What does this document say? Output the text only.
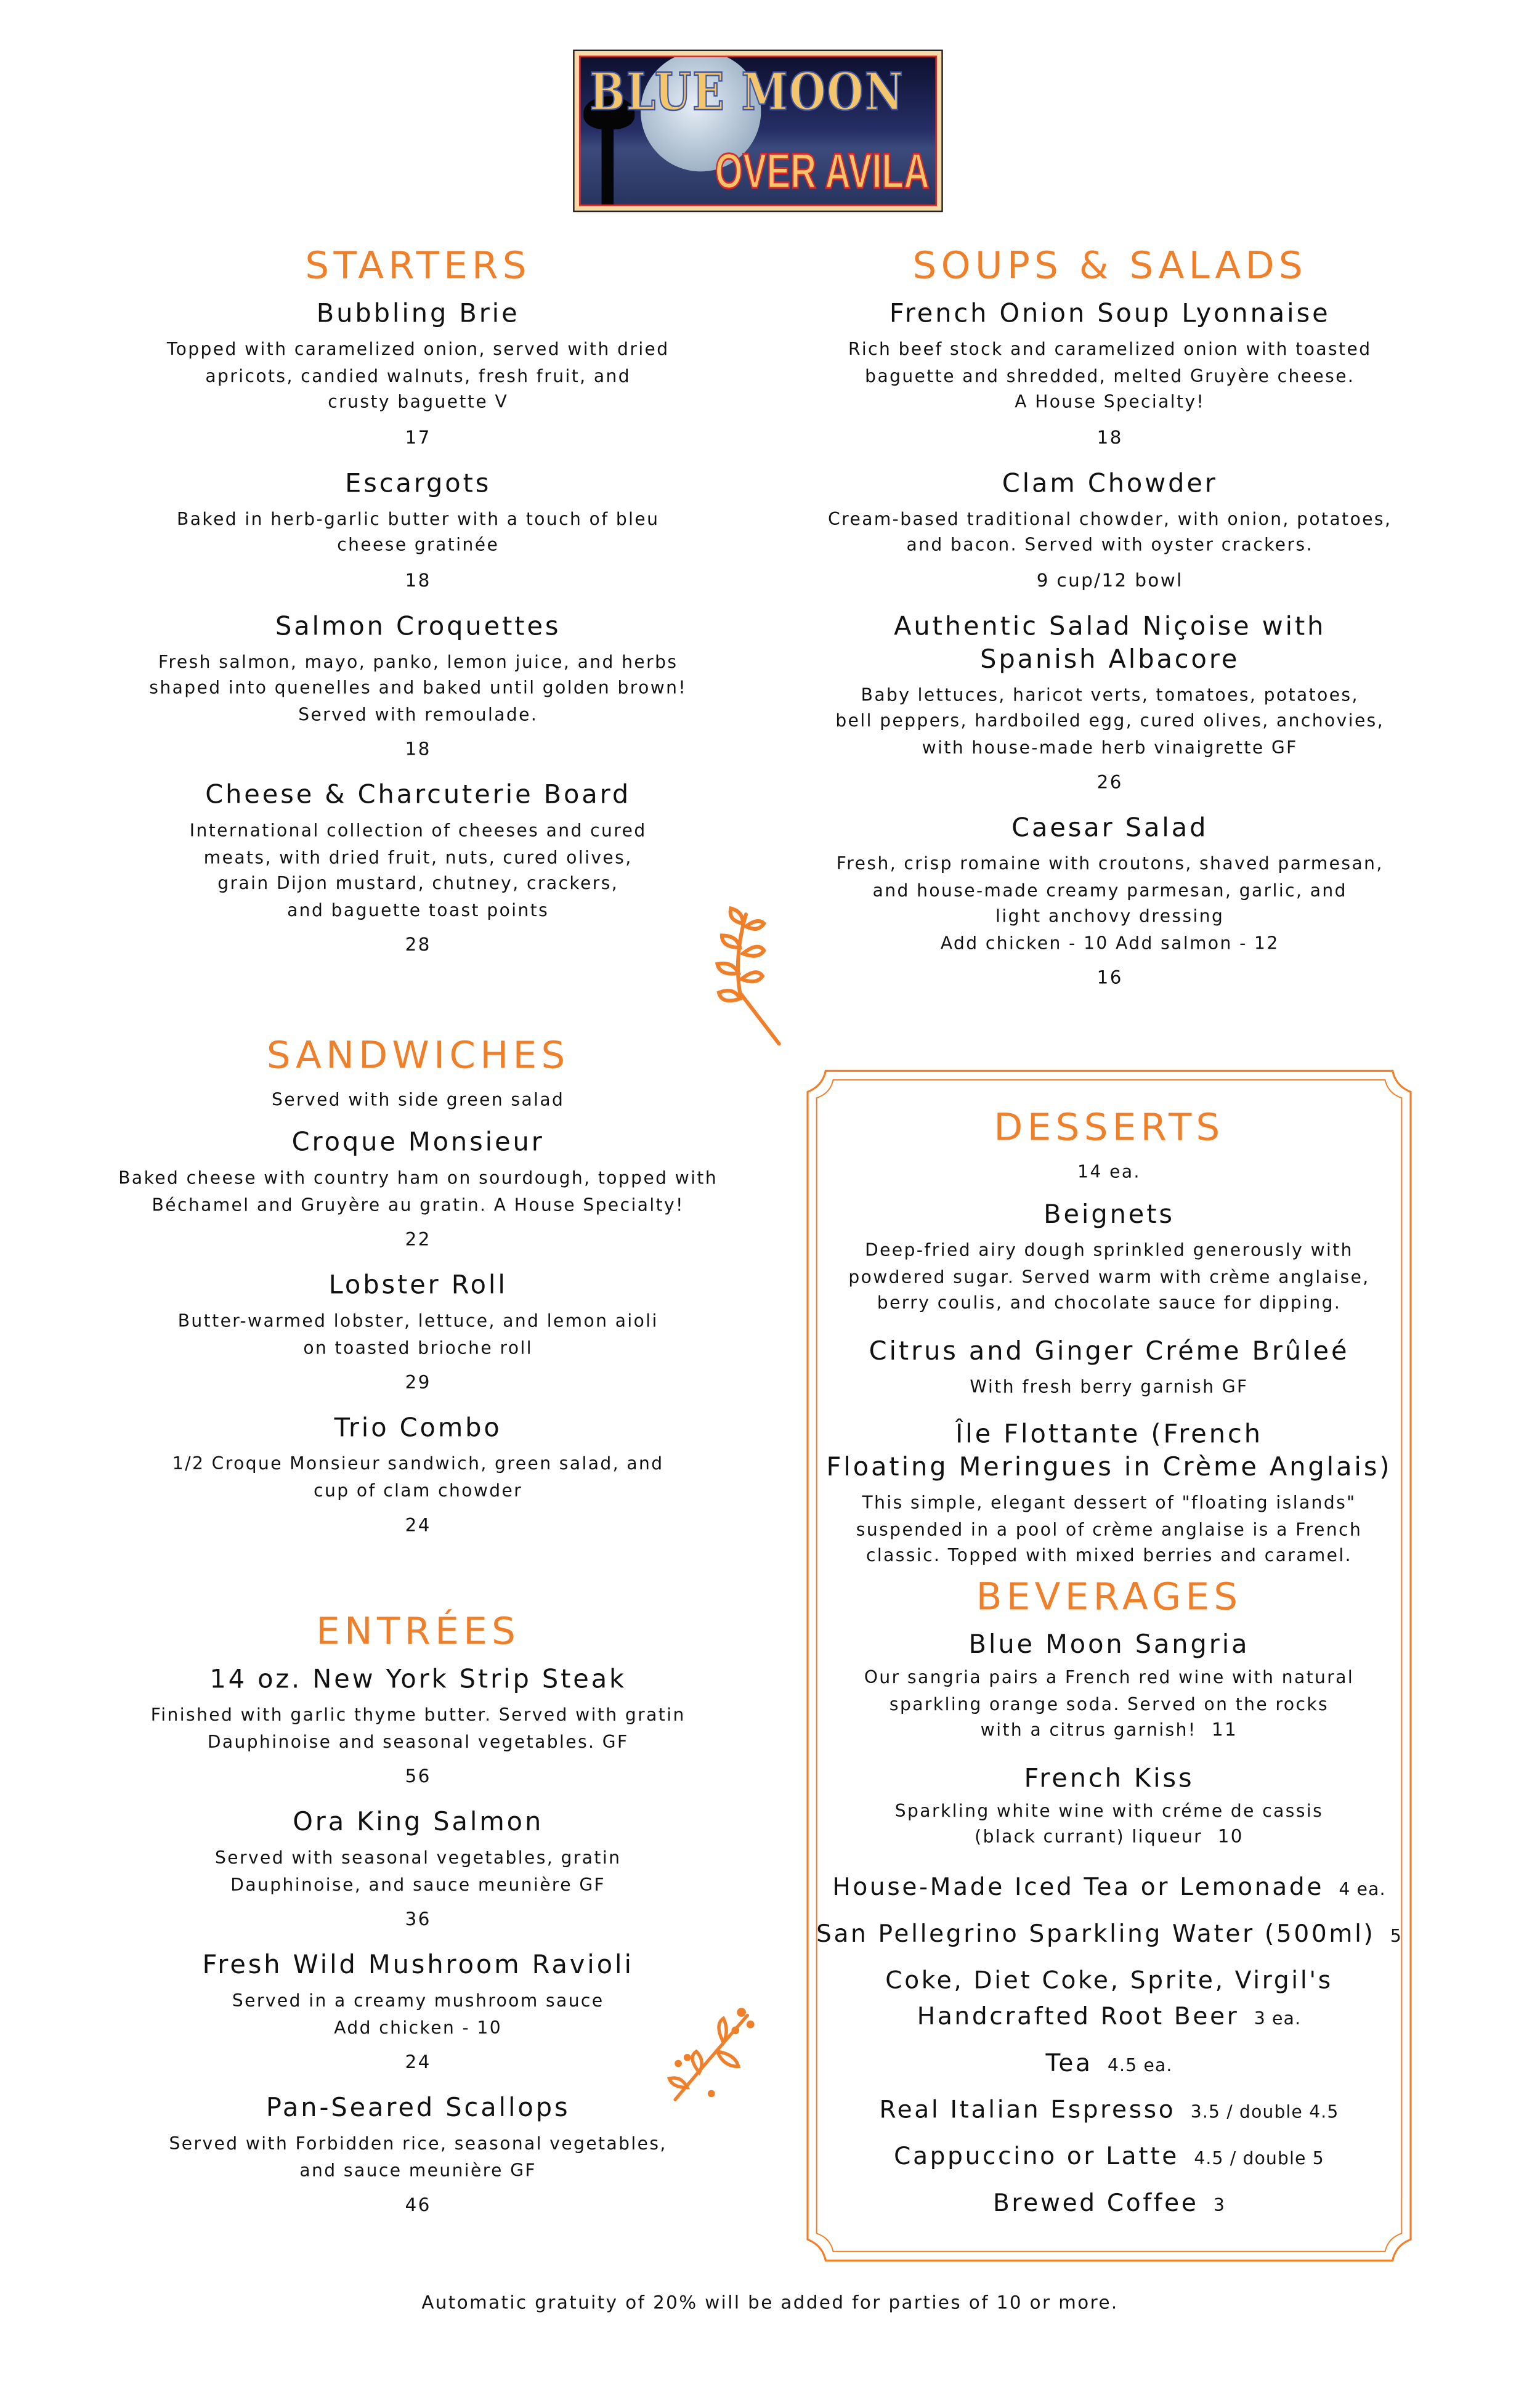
BLUE MOON
OVER AVILA
STARTERS
Bubbling Brie
Topped with caramelized onion, served with dried
apricots, candied walnuts, fresh fruit, and
crusty baguette V
17
Escargots
Baked in herb-garlic butter with a touch of bleu
cheese gratinée
18
Salmon Croquettes
Fresh salmon, mayo, panko, lemon juice, and herbs
shaped into quenelles and baked until golden brown!
Served with remoulade.
18
Cheese & Charcuterie Board
International collection of cheeses and cured
meats, with dried fruit, nuts, cured olives,
grain Dijon mustard, chutney, crackers,
and baguette toast points
28
SANDWICHES
Served with side green salad
Croque Monsieur
Baked cheese with country ham on sourdough, topped with
Béchamel and Gruyère au gratin. A House Specialty!
22
Lobster Roll
Butter-warmed lobster, lettuce, and lemon aioli
on toasted brioche roll
29
Trio Combo
1/2 Croque Monsieur sandwich, green salad, and
cup of clam chowder
24
ENTRÉES
14 oz. New York Strip Steak
Finished with garlic thyme butter. Served with gratin
Dauphinoise and seasonal vegetables. GF
56
Ora King Salmon
Served with seasonal vegetables, gratin
Dauphinoise, and sauce meunière GF
36
Fresh Wild Mushroom Ravioli
Served in a creamy mushroom sauce
Add chicken - 10
24
Pan-Seared Scallops
Served with Forbidden rice, seasonal vegetables,
and sauce meunière GF
46
SOUPS & SALADS
French Onion Soup Lyonnaise
Rich beef stock and caramelized onion with toasted
baguette and shredded, melted Gruyère cheese.
A House Specialty!
18
Clam Chowder
Cream-based traditional chowder, with onion, potatoes,
and bacon. Served with oyster crackers.
9 cup/12 bowl
Authentic Salad Niçoise with
Spanish Albacore
Baby lettuces, haricot verts, tomatoes, potatoes,
bell peppers, hardboiled egg, cured olives, anchovies,
with house-made herb vinaigrette GF
26
Caesar Salad
Fresh, crisp romaine with croutons, shaved parmesan,
and house-made creamy parmesan, garlic, and
light anchovy dressing
Add chicken - 10 Add salmon - 12
16
DESSERTS
14 ea.
Beignets
Deep-fried airy dough sprinkled generously with
powdered sugar. Served warm with crème anglaise,
berry coulis, and chocolate sauce for dipping.
Citrus and Ginger Créme Brûleé
With fresh berry garnish GF
Île Flottante (French
Floating Meringues in Crème Anglais)
This simple, elegant dessert of "floating islands"
suspended in a pool of crème anglaise is a French
classic. Topped with mixed berries and caramel.
BEVERAGES
Blue Moon Sangria
Our sangria pairs a French red wine with natural
sparkling orange soda. Served on the rocks
with a citrus garnish! 11
French Kiss
Sparkling white wine with créme de cassis
(black currant) liqueur 10
House-Made Iced Tea or Lemonade 4 ea.
San Pellegrino Sparkling Water (500ml) 5
Coke, Diet Coke, Sprite, Virgil's
Handcrafted Root Beer 3 ea.
Tea 4.5 ea.
Real Italian Espresso 3.5 / double 4.5
Cappuccino or Latte 4.5 / double 5
Brewed Coffee 3
Automatic gratuity of 20% will be added for parties of 10 or more.
